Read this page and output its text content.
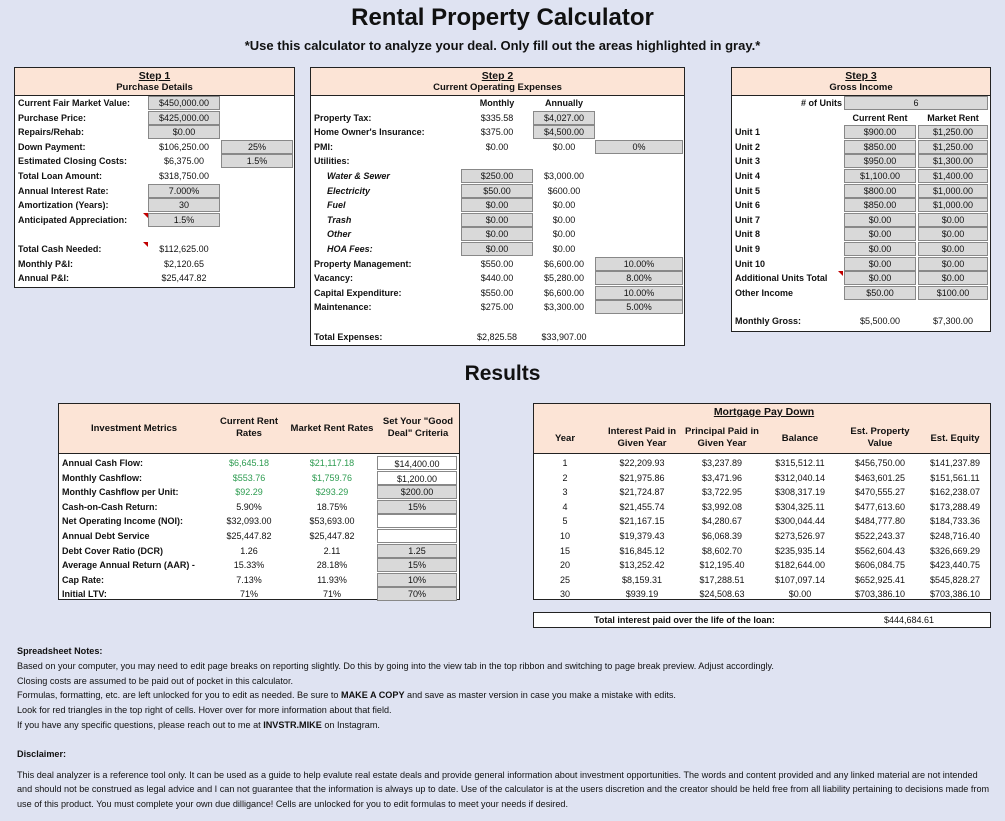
Rental Property Calculator
*Use this calculator to analyze your deal. Only fill out the areas highlighted in gray.*
Step 1
Purchase Details
Current Fair Market Value:	$450,000.00
Purchase Price:	$425,000.00
Repairs/Rehab:	$0.00
Down Payment:	$106,250.00	25%
Estimated Closing Costs:	$6,375.00	1.5%
Total Loan Amount:	$318,750.00
Annual Interest Rate:	7.000%
Amortization (Years):	30
Anticipated Appreciation:	1.5%
Total Cash Needed:	$112,625.00
Monthly P&I:	$2,120.65
Annual P&I:	$25,447.82
Step 2
Current Operating Expenses
Monthly	Annually
Property Tax:	$335.58	$4,027.00
Home Owner's Insurance:	$375.00	$4,500.00
PMI:	$0.00	$0.00	0%
Utilities:
Water & Sewer	$250.00	$3,000.00
Electricity	$50.00	$600.00
Fuel	$0.00	$0.00
Trash	$0.00	$0.00
Other	$0.00	$0.00
HOA Fees:	$0.00	$0.00
Property Management:	$550.00	$6,600.00	10.00%
Vacancy:	$440.00	$5,280.00	8.00%
Capital Expenditure:	$550.00	$6,600.00	10.00%
Maintenance:	$275.00	$3,300.00	5.00%
Total Expenses:	$2,825.58	$33,907.00
Step 3
Gross Income
# of Units	6
Current Rent	Market Rent
Unit 1	$900.00	$1,250.00
Unit 2	$850.00	$1,250.00
Unit 3	$950.00	$1,300.00
Unit 4	$1,100.00	$1,400.00
Unit 5	$800.00	$1,000.00
Unit 6	$850.00	$1,000.00
Unit 7	$0.00	$0.00
Unit 8	$0.00	$0.00
Unit 9	$0.00	$0.00
Unit 10	$0.00	$0.00
Additional Units Total	$0.00	$0.00
Other Income	$50.00	$100.00
Monthly Gross:	$5,500.00	$7,300.00
Results
Investment Metrics
Current Rent Rates	Market Rent Rates
Set Your "Good Deal" Criteria
Annual Cash Flow:	$6,645.18	$21,117.18	$14,400.00
Monthly Cashflow:	$553.76	$1,759.76	$1,200.00
Monthly Cashflow per Unit:	$92.29	$293.29	$200.00
Cash-on-Cash Return:	5.90%	18.75%	15%
Net Operating Income (NOI):	$32,093.00	$53,693.00
Annual Debt Service	$25,447.82	$25,447.82
Debt Cover Ratio (DCR)	1.26	2.11	1.25
Average Annual Return (AAR) -	15.33%	28.18%	15%
Cap Rate:	7.13%	11.93%	10%
Initial LTV:	71%	71%	70%
Mortgage Pay Down
Year
Interest Paid in Given Year
Principal Paid in Given Year	Balance
Est. Property Value	Est. Equity
1	$22,209.93	$3,237.89	$315,512.11	$456,750.00	$141,237.89
2	$21,975.86	$3,471.96	$312,040.14	$463,601.25	$151,561.11
3	$21,724.87	$3,722.95	$308,317.19	$470,555.27	$162,238.07
4	$21,455.74	$3,992.08	$304,325.11	$477,613.60	$173,288.49
5	$21,167.15	$4,280.67	$300,044.44	$484,777.80	$184,733.36
10	$19,379.43	$6,068.39	$273,526.97	$522,243.37	$248,716.40
15	$16,845.12	$8,602.70	$235,935.14	$562,604.43	$326,669.29
20	$13,252.42	$12,195.40	$182,644.00	$606,084.75	$423,440.75
25	$8,159.31	$17,288.51	$107,097.14	$652,925.41	$545,828.27
30	$939.19	$24,508.63	$0.00	$703,386.10	$703,386.10
Total interest paid over the life of the loan:	$444,684.61
Spreadsheet Notes:
Based on your computer, you may need to edit page breaks on reporting slightly. Do this by going into the view tab in the top ribbon and switching to page break preview. Adjust accordingly.
Closing costs are assumed to be paid out of pocket in this calculator.
Formulas, formatting, etc. are left unlocked for you to edit as needed. Be sure to MAKE A COPY and save as master version in case you make a mistake with edits.
Look for red triangles in the top right of cells. Hover over for more information about that field.
If you have any specific questions, please reach out to me at INVSTR.MIKE on Instagram.
Disclaimer:
This deal analyzer is a reference tool only. It can be used as a guide to help evalute real estate deals and provide general information about investment opportunities. The words and content provided and any linked material are not intended and should not be construed as legal advice and I can not guarantee that the information is always up to date. Use of the calculator is at the users discretion and the creator should be held free from all liability pertaining to decisions made from use of this product. You must complete your own due dilligance! Cells are unlocked for you to edit formulas to meet your needs if desired.
